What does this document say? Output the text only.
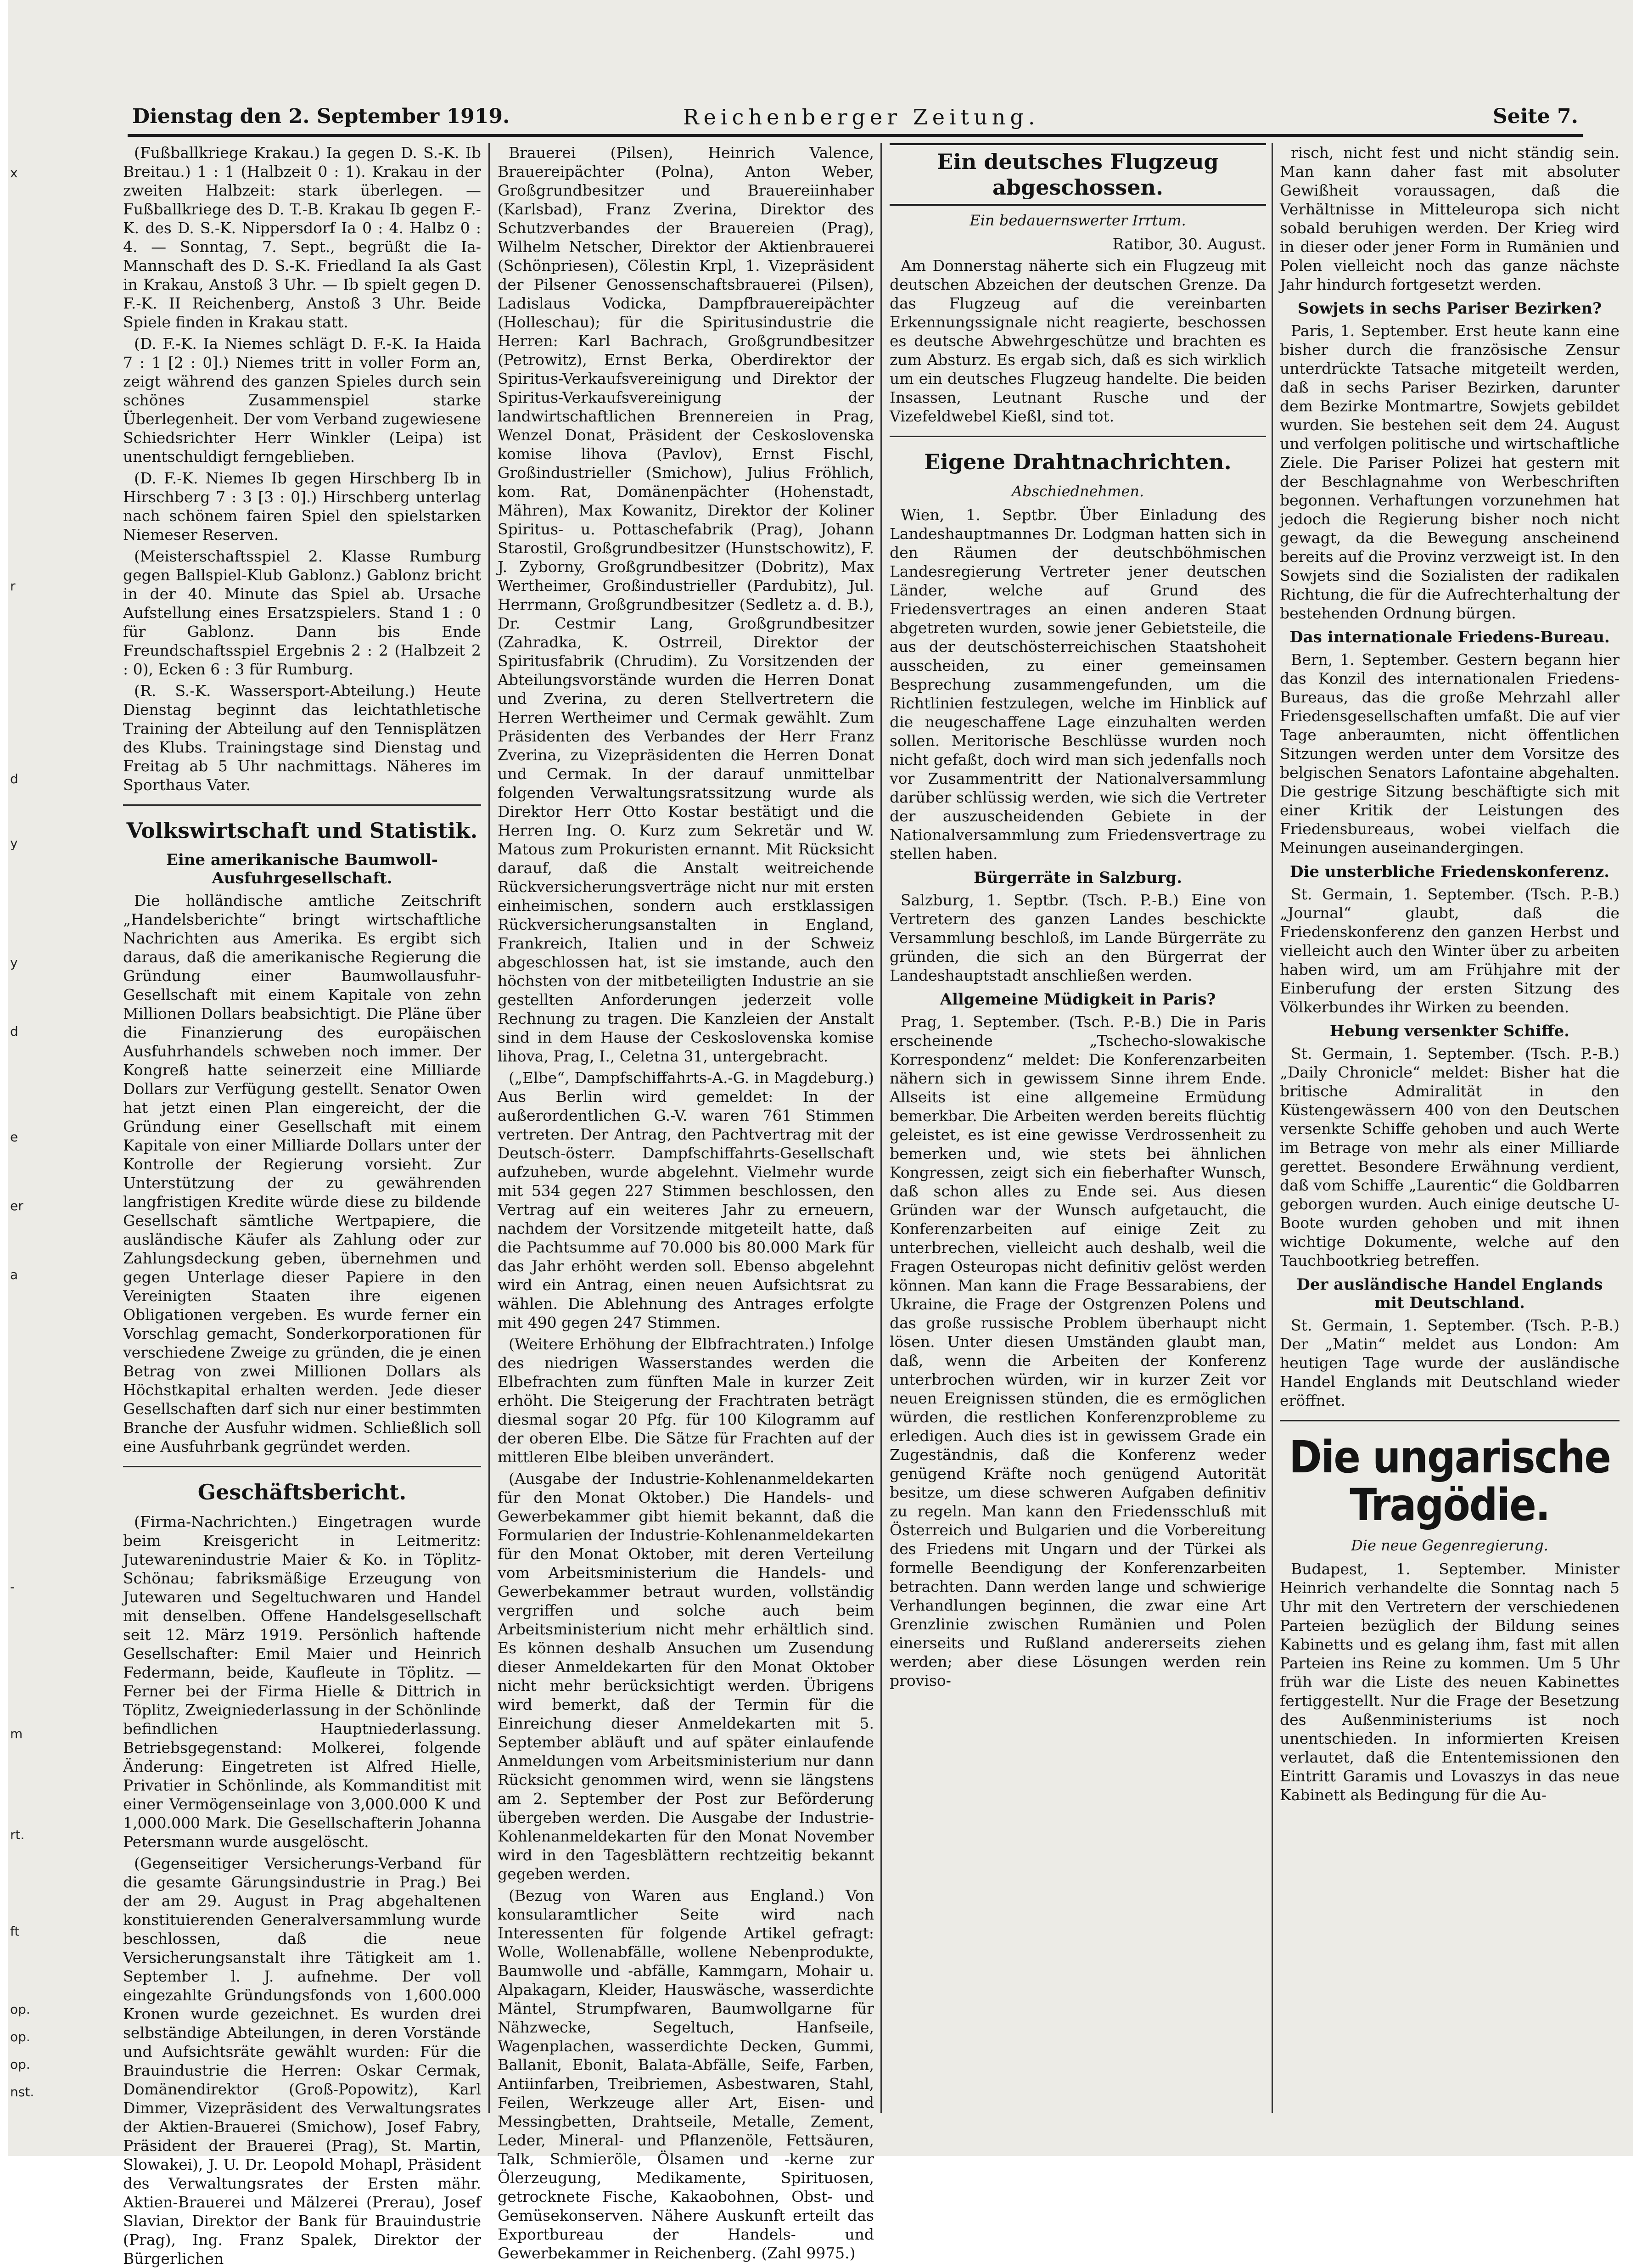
x
r
d
y
y
d
e
er
a
-
m
rt.
ft
op.
op.
op.
nst.
Dienstag den 2. September 1919.	Reichenberger Zeitung.	Seite 7.

(Fußballkriege Krakau.) Ia gegen D. S.-K. Ib Breitau.) 1 : 1 (Halbzeit 0 : 1). Krakau in der zweiten Halbzeit: stark überlegen. — Fußballkriege des D. T.-B. Krakau Ib gegen F.-K. des D. S.-K. Nippersdorf Ia 0 : 4. Halbz 0 : 4. — Sonntag, 7. Sept., begrüßt die Ia-Mannschaft des D. S.-K. Friedland Ia als Gast in Krakau, Anstoß 3 Uhr. — Ib spielt gegen D. F.-K. II Reichenberg, Anstoß 3 Uhr. Beide Spiele finden in Krakau statt.

(D. F.-K. Ia Niemes schlägt D. F.-K. Ia Haida 7 : 1 [2 : 0].) Niemes tritt in voller Form an, zeigt während des ganzen Spieles durch sein schönes Zusammenspiel starke Überlegenheit. Der vom Verband zugewiesene Schiedsrichter Herr Winkler (Leipa) ist unentschuldigt ferngeblieben.

(D. F.-K. Niemes Ib gegen Hirschberg Ib in Hirschberg 7 : 3 [3 : 0].) Hirschberg unterlag nach schönem fairen Spiel den spielstarken Niemeser Reserven.

(Meisterschaftsspiel 2. Klasse Rumburg gegen Ballspiel-Klub Gablonz.) Gablonz bricht in der 40. Minute das Spiel ab. Ursache Aufstellung eines Ersatzspielers. Stand 1 : 0 für Gablonz. Dann bis Ende Freundschaftsspiel Ergebnis 2 : 2 (Halbzeit 2 : 0), Ecken 6 : 3 für Rumburg.

(R. S.-K. Wassersport-Abteilung.) Heute Dienstag beginnt das leichtathletische Training der Abteilung auf den Tennisplätzen des Klubs. Trainingstage sind Dienstag und Freitag ab 5 Uhr nachmittags. Näheres im Sporthaus Vater.

Volkswirtschaft und Statistik.
Eine amerikanische Baumwoll-Ausfuhrgesellschaft.

Die holländische amtliche Zeitschrift „Handelsberichte“ bringt wirtschaftliche Nachrichten aus Amerika. Es ergibt sich daraus, daß die amerikanische Regierung die Gründung einer Baumwollausfuhr-Gesellschaft mit einem Kapitale von zehn Millionen Dollars beabsichtigt. Die Pläne über die Finanzierung des europäischen Ausfuhrhandels schweben noch immer. Der Kongreß hatte seinerzeit eine Milliarde Dollars zur Verfügung gestellt. Senator Owen hat jetzt einen Plan eingereicht, der die Gründung einer Gesellschaft mit einem Kapitale von einer Milliarde Dollars unter der Kontrolle der Regierung vorsieht. Zur Unterstützung der zu gewährenden langfristigen Kredite würde diese zu bildende Gesellschaft sämtliche Wertpapiere, die ausländische Käufer als Zahlung oder zur Zahlungsdeckung geben, übernehmen und gegen Unterlage dieser Papiere in den Vereinigten Staaten ihre eigenen Obligationen vergeben. Es wurde ferner ein Vorschlag gemacht, Sonderkorporationen für verschiedene Zweige zu gründen, die je einen Betrag von zwei Millionen Dollars als Höchstkapital erhalten werden. Jede dieser Gesellschaften darf sich nur einer bestimmten Branche der Ausfuhr widmen. Schließlich soll eine Ausfuhrbank gegründet werden.

Geschäftsbericht.

(Firma-Nachrichten.) Eingetragen wurde beim Kreisgericht in Leitmeritz: Jutewarenindustrie Maier & Ko. in Töplitz-Schönau; fabriksmäßige Erzeugung von Jutewaren und Segeltuchwaren und Handel mit denselben. Offene Handelsgesellschaft seit 12. März 1919. Persönlich haftende Gesellschafter: Emil Maier und Heinrich Federmann, beide, Kaufleute in Töplitz. — Ferner bei der Firma Hielle & Dittrich in Töplitz, Zweigniederlassung in der Schönlinde befindlichen Hauptniederlassung. Betriebsgegenstand: Molkerei, folgende Änderung: Eingetreten ist Alfred Hielle, Privatier in Schönlinde, als Kommanditist mit einer Vermögenseinlage von 3,000.000 K und 1,000.000 Mark. Die Gesellschafterin Johanna Petersmann wurde ausgelöscht.

(Gegenseitiger Versicherungs-Verband für die gesamte Gärungsindustrie in Prag.) Bei der am 29. August in Prag abgehaltenen konstituierenden Generalversammlung wurde beschlossen, daß die neue Versicherungsanstalt ihre Tätigkeit am 1. September l. J. aufnehme. Der voll eingezahlte Gründungsfonds von 1,600.000 Kronen wurde gezeichnet. Es wurden drei selbständige Abteilungen, in deren Vorstände und Aufsichtsräte gewählt wurden: Für die Brauindustrie die Herren: Oskar Cermak, Domänendirektor (Groß-Popowitz), Karl Dimmer, Vizepräsident des Verwaltungsrates der Aktien-Brauerei (Smichow), Josef Fabry, Präsident der Brauerei (Prag), St. Martin, Slowakei), J. U. Dr. Leopold Mohapl, Präsident des Verwaltungsrates der Ersten mähr. Aktien-Brauerei und Mälzerei (Prerau), Josef Slavian, Direktor der Bank für Brauindustrie (Prag), Ing. Franz Spalek, Direktor der Bürgerlichen

Brauerei (Pilsen), Heinrich Valence, Brauereipächter (Polna), Anton Weber, Großgrundbesitzer und Brauereiinhaber (Karlsbad), Franz Zverina, Direktor des Schutzverbandes der Brauereien (Prag), Wilhelm Netscher, Direktor der Aktienbrauerei (Schönpriesen), Cölestin Krpl, 1. Vizepräsident der Pilsener Genossenschaftsbrauerei (Pilsen), Ladislaus Vodicka, Dampfbrauereipächter (Holleschau); für die Spiritusindustrie die Herren: Karl Bachrach, Großgrundbesitzer (Petrowitz), Ernst Berka, Oberdirektor der Spiritus-Verkaufsvereinigung und Direktor der Spiritus-Verkaufsvereinigung der landwirtschaftlichen Brennereien in Prag, Wenzel Donat, Präsident der Ceskoslovenska komise lihova (Pavlov), Ernst Fischl, Großindustrieller (Smichow), Julius Fröhlich, kom. Rat, Domänenpächter (Hohenstadt, Mähren), Max Kowanitz, Direktor der Koliner Spiritus- u. Pottaschefabrik (Prag), Johann Starostil, Großgrundbesitzer (Hunstschowitz), F. J. Zyborny, Großgrundbesitzer (Dobritz), Max Wertheimer, Großindustrieller (Pardubitz), Jul. Herrmann, Großgrundbesitzer (Sedletz a. d. B.), Dr. Cestmir Lang, Großgrundbesitzer (Zahradka, K. Ostrreil, Direktor der Spiritusfabrik (Chrudim). Zu Vorsitzenden der Abteilungsvorstände wurden die Herren Donat und Zverina, zu deren Stellvertretern die Herren Wertheimer und Cermak gewählt. Zum Präsidenten des Verbandes der Herr Franz Zverina, zu Vizepräsidenten die Herren Donat und Cermak. In der darauf unmittelbar folgenden Verwaltungsratssitzung wurde als Direktor Herr Otto Kostar bestätigt und die Herren Ing. O. Kurz zum Sekretär und W. Matous zum Prokuristen ernannt. Mit Rücksicht darauf, daß die Anstalt weitreichende Rückversicherungsverträge nicht nur mit ersten einheimischen, sondern auch erstklassigen Rückversicherungsanstalten in England, Frankreich, Italien und in der Schweiz abgeschlossen hat, ist sie imstande, auch den höchsten von der mitbeteiligten Industrie an sie gestellten Anforderungen jederzeit volle Rechnung zu tragen. Die Kanzleien der Anstalt sind in dem Hause der Ceskoslovenska komise lihova, Prag, I., Celetna 31, untergebracht.

(„Elbe“, Dampfschiffahrts-A.-G. in Magdeburg.) Aus Berlin wird gemeldet: In der außerordentlichen G.-V. waren 761 Stimmen vertreten. Der Antrag, den Pachtvertrag mit der Deutsch-österr. Dampfschiffahrts-Gesellschaft aufzuheben, wurde abgelehnt. Vielmehr wurde mit 534 gegen 227 Stimmen beschlossen, den Vertrag auf ein weiteres Jahr zu erneuern, nachdem der Vorsitzende mitgeteilt hatte, daß die Pachtsumme auf 70.000 bis 80.000 Mark für das Jahr erhöht werden soll. Ebenso abgelehnt wird ein Antrag, einen neuen Aufsichtsrat zu wählen. Die Ablehnung des Antrages erfolgte mit 490 gegen 247 Stimmen.

(Weitere Erhöhung der Elbfrachtraten.) Infolge des niedrigen Wasserstandes werden die Elbefrachten zum fünften Male in kurzer Zeit erhöht. Die Steigerung der Frachtraten beträgt diesmal sogar 20 Pfg. für 100 Kilogramm auf der oberen Elbe. Die Sätze für Frachten auf der mittleren Elbe bleiben unverändert.

(Ausgabe der Industrie-Kohlenanmeldekarten für den Monat Oktober.) Die Handels- und Gewerbekammer gibt hiemit bekannt, daß die Formularien der Industrie-Kohlenanmeldekarten für den Monat Oktober, mit deren Verteilung vom Arbeitsministerium die Handels- und Gewerbekammer betraut wurden, vollständig vergriffen und solche auch beim Arbeitsministerium nicht mehr erhältlich sind. Es können deshalb Ansuchen um Zusendung dieser Anmeldekarten für den Monat Oktober nicht mehr berücksichtigt werden. Übrigens wird bemerkt, daß der Termin für die Einreichung dieser Anmeldekarten mit 5. September abläuft und auf später einlaufende Anmeldungen vom Arbeitsministerium nur dann Rücksicht genommen wird, wenn sie längstens am 2. September der Post zur Beförderung übergeben werden. Die Ausgabe der Industrie-Kohlenanmeldekarten für den Monat November wird in den Tagesblättern rechtzeitig bekannt gegeben werden.

(Bezug von Waren aus England.) Von konsularamtlicher Seite wird nach Interessenten für folgende Artikel gefragt: Wolle, Wollenabfälle, wollene Nebenprodukte, Baumwolle und -abfälle, Kammgarn, Mohair u. Alpakagarn, Kleider, Hauswäsche, wasserdichte Mäntel, Strumpfwaren, Baumwollgarne für Nähzwecke, Segeltuch, Hanfseile, Wagenplachen, wasserdichte Decken, Gummi, Ballanit, Ebonit, Balata-Abfälle, Seife, Farben, Antiinfarben, Treibriemen, Asbestwaren, Stahl, Feilen, Werkzeuge aller Art, Eisen- und Messingbetten, Drahtseile, Metalle, Zement, Leder, Mineral- und Pflanzenöle, Fettsäuren, Talk, Schmieröle, Ölsamen und -kerne zur Ölerzeugung, Medikamente, Spirituosen, getrocknete Fische, Kakaobohnen, Obst- und Gemüsekonserven. Nähere Auskunft erteilt das Exportbureau der Handels- und Gewerbekammer in Reichenberg. (Zahl 9975.)

Ein deutsches Flugzeug abgeschossen.
Ein bedauernswerter Irrtum.

Ratibor, 30. August.

Am Donnerstag näherte sich ein Flugzeug mit deutschen Abzeichen der deutschen Grenze. Da das Flugzeug auf die vereinbarten Erkennungssignale nicht reagierte, beschossen es deutsche Abwehrgeschütze und brachten es zum Absturz. Es ergab sich, daß es sich wirklich um ein deutsches Flugzeug handelte. Die beiden Insassen, Leutnant Rusche und der Vizefeldwebel Kießl, sind tot.

Eigene Drahtnachrichten.
Abschiednehmen.

Wien, 1. Septbr. Über Einladung des Landeshauptmannes Dr. Lodgman hatten sich in den Räumen der deutschböhmischen Landesregierung Vertreter jener deutschen Länder, welche auf Grund des Friedensvertrages an einen anderen Staat abgetreten wurden, sowie jener Gebietsteile, die aus der deutschösterreichischen Staatshoheit ausscheiden, zu einer gemeinsamen Besprechung zusammengefunden, um die Richtlinien festzulegen, welche im Hinblick auf die neugeschaffene Lage einzuhalten werden sollen. Meritorische Beschlüsse wurden noch nicht gefaßt, doch wird man sich jedenfalls noch vor Zusammentritt der Nationalversammlung darüber schlüssig werden, wie sich die Vertreter der auszuscheidenden Gebiete in der Nationalversammlung zum Friedensvertrage zu stellen haben.

Bürgerräte in Salzburg.

Salzburg, 1. Septbr. (Tsch. P.-B.) Eine von Vertretern des ganzen Landes beschickte Versammlung beschloß, im Lande Bürgerräte zu gründen, die sich an den Bürgerrat der Landeshauptstadt anschließen werden.

Allgemeine Müdigkeit in Paris?

Prag, 1. September. (Tsch. P.-B.) Die in Paris erscheinende „Tschecho-slowakische Korrespondenz“ meldet: Die Konferenzarbeiten nähern sich in gewissem Sinne ihrem Ende. Allseits ist eine allgemeine Ermüdung bemerkbar. Die Arbeiten werden bereits flüchtig geleistet, es ist eine gewisse Verdrossenheit zu bemerken und, wie stets bei ähnlichen Kongressen, zeigt sich ein fieberhafter Wunsch, daß schon alles zu Ende sei. Aus diesen Gründen war der Wunsch aufgetaucht, die Konferenzarbeiten auf einige Zeit zu unterbrechen, vielleicht auch deshalb, weil die Fragen Osteuropas nicht definitiv gelöst werden können. Man kann die Frage Bessarabiens, der Ukraine, die Frage der Ostgrenzen Polens und das große russische Problem überhaupt nicht lösen. Unter diesen Umständen glaubt man, daß, wenn die Arbeiten der Konferenz unterbrochen würden, wir in kurzer Zeit vor neuen Ereignissen stünden, die es ermöglichen würden, die restlichen Konferenzprobleme zu erledigen. Auch dies ist in gewissem Grade ein Zugeständnis, daß die Konferenz weder genügend Kräfte noch genügend Autorität besitze, um diese schweren Aufgaben definitiv zu regeln. Man kann den Friedensschluß mit Österreich und Bulgarien und die Vorbereitung des Friedens mit Ungarn und der Türkei als formelle Beendigung der Konferenzarbeiten betrachten. Dann werden lange und schwierige Verhandlungen beginnen, die zwar eine Art Grenzlinie zwischen Rumänien und Polen einerseits und Rußland andererseits ziehen werden; aber diese Lösungen werden rein proviso-

risch, nicht fest und nicht ständig sein. Man kann daher fast mit absoluter Gewißheit voraussagen, daß die Verhältnisse in Mitteleuropa sich nicht sobald beruhigen werden. Der Krieg wird in dieser oder jener Form in Rumänien und Polen vielleicht noch das ganze nächste Jahr hindurch fortgesetzt werden.

Sowjets in sechs Pariser Bezirken?

Paris, 1. September. Erst heute kann eine bisher durch die französische Zensur unterdrückte Tatsache mitgeteilt werden, daß in sechs Pariser Bezirken, darunter dem Bezirke Montmartre, Sowjets gebildet wurden. Sie bestehen seit dem 24. August und verfolgen politische und wirtschaftliche Ziele. Die Pariser Polizei hat gestern mit der Beschlagnahme von Werbeschriften begonnen. Verhaftungen vorzunehmen hat jedoch die Regierung bisher noch nicht gewagt, da die Bewegung anscheinend bereits auf die Provinz verzweigt ist. In den Sowjets sind die Sozialisten der radikalen Richtung, die für die Aufrechterhaltung der bestehenden Ordnung bürgen.

Das internationale Friedens-Bureau.

Bern, 1. September. Gestern begann hier das Konzil des internationalen Friedens-Bureaus, das die große Mehrzahl aller Friedensgesellschaften umfaßt. Die auf vier Tage anberaumten, nicht öffentlichen Sitzungen werden unter dem Vorsitze des belgischen Senators Lafontaine abgehalten. Die gestrige Sitzung beschäftigte sich mit einer Kritik der Leistungen des Friedensbureaus, wobei vielfach die Meinungen auseinandergingen.

Die unsterbliche Friedenskonferenz.

St. Germain, 1. September. (Tsch. P.-B.) „Journal“ glaubt, daß die Friedenskonferenz den ganzen Herbst und vielleicht auch den Winter über zu arbeiten haben wird, um am Frühjahre mit der Einberufung der ersten Sitzung des Völkerbundes ihr Wirken zu beenden.

Hebung versenkter Schiffe.

St. Germain, 1. September. (Tsch. P.-B.) „Daily Chronicle“ meldet: Bisher hat die britische Admiralität in den Küstengewässern 400 von den Deutschen versenkte Schiffe gehoben und auch Werte im Betrage von mehr als einer Milliarde gerettet. Besondere Erwähnung verdient, daß vom Schiffe „Laurentic“ die Goldbarren geborgen wurden. Auch einige deutsche U-Boote wurden gehoben und mit ihnen wichtige Dokumente, welche auf den Tauchbootkrieg betreffen.

Der ausländische Handel Englands mit Deutschland.

St. Germain, 1. September. (Tsch. P.-B.) Der „Matin“ meldet aus London: Am heutigen Tage wurde der ausländische Handel Englands mit Deutschland wieder eröffnet.

Die ungarische Tragödie.
Die neue Gegenregierung.

Budapest, 1. September. Minister Heinrich verhandelte die Sonntag nach 5 Uhr mit den Vertretern der verschiedenen Parteien bezüglich der Bildung seines Kabinetts und es gelang ihm, fast mit allen Parteien ins Reine zu kommen. Um 5 Uhr früh war die Liste des neuen Kabinettes fertiggestellt. Nur die Frage der Besetzung des Außenministeriums ist noch unentschieden. In informierten Kreisen verlautet, daß die Ententemissionen den Eintritt Garamis und Lovaszys in das neue Kabinett als Bedingung für die Au-
